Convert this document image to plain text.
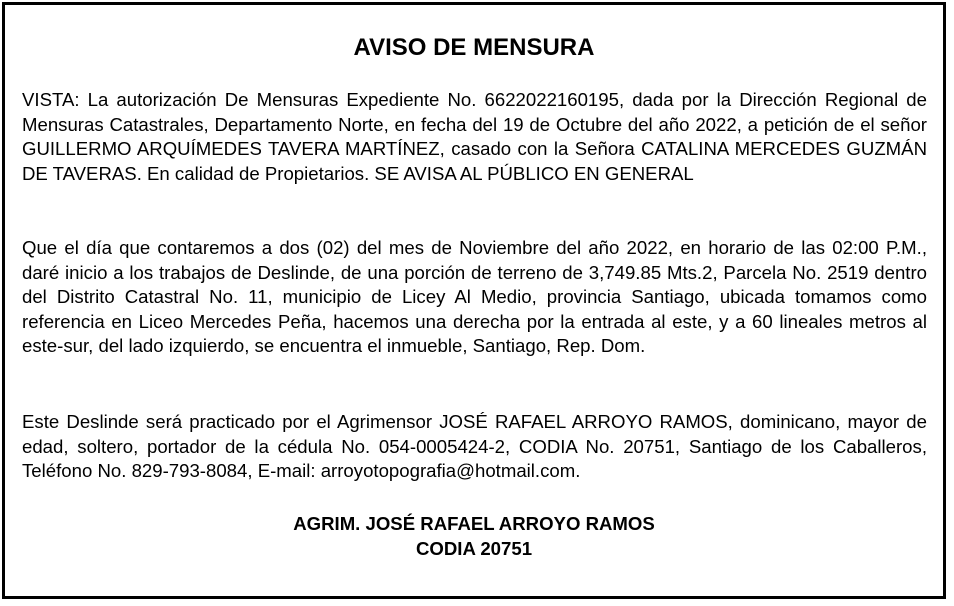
AVISO DE MENSURA

VISTA: La autorización De Mensuras Expediente No. 6622022160195, dada por la Dirección Regional de Mensuras Catastrales, Departamento Norte, en fecha del 19 de Octubre del año 2022, a petición de el señor GUILLERMO ARQUÍMEDES TAVERA MARTÍNEZ, casado con la Señora CATALINA MERCEDES GUZMÁN DE TAVERAS. En calidad de Propietarios. SE AVISA AL PÚBLICO EN GENERAL

Que el día que contaremos a dos (02) del mes de Noviembre del año 2022, en horario de las 02:00 P.M., daré inicio a los trabajos de Deslinde, de una porción de terreno de 3,749.85 Mts.2, Parcela No. 2519 dentro del Distrito Catastral No. 11, municipio de Licey Al Medio, provincia Santiago, ubicada tomamos como referencia en Liceo Mercedes Peña, hacemos una derecha por la entrada al este, y a 60 lineales metros al este-sur, del lado izquierdo, se encuentra el inmueble, Santiago, Rep. Dom.

Este Deslinde será practicado por el Agrimensor JOSÉ RAFAEL ARROYO RAMOS, dominicano, mayor de edad, soltero, portador de la cédula No. 054-0005424-2, CODIA No. 20751, Santiago de los Caballeros, Teléfono No. 829-793-8084, E-mail: arroyotopografia@hotmail.com.

AGRIM. JOSÉ RAFAEL ARROYO RAMOS

CODIA 20751
